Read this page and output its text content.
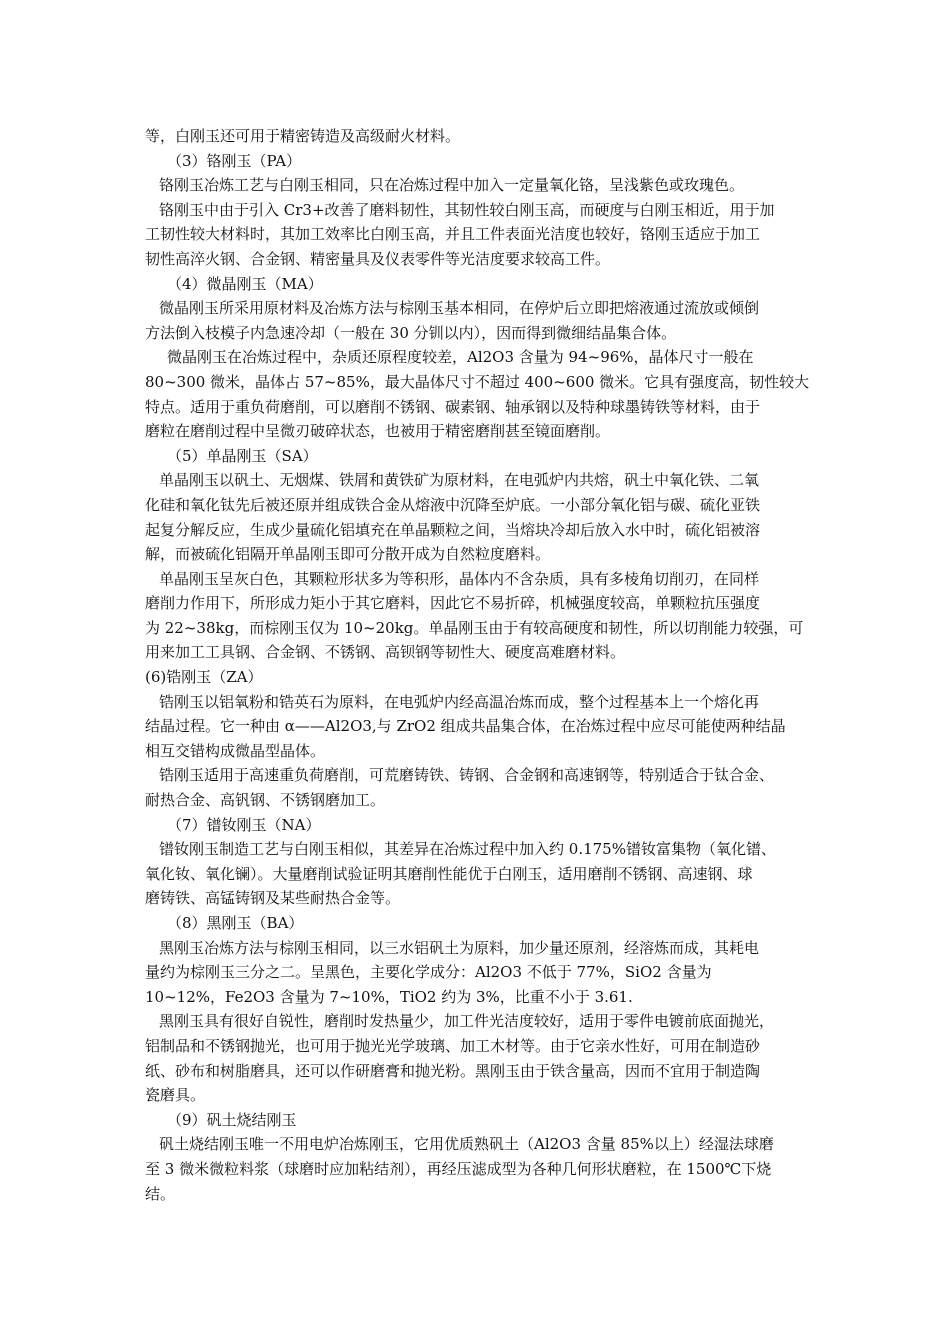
等，白刚玉还可用于精密铸造及高级耐火材料。
（3）铬刚玉（PA）
铬刚玉冶炼工艺与白刚玉相同，只在冶炼过程中加入一定量氧化铬，呈浅紫色或玫瑰色。
铬刚玉中由于引入 Cr3+改善了磨料韧性，其韧性较白刚玉高，而硬度与白刚玉相近，用于加
工韧性较大材料时，其加工效率比白刚玉高，并且工件表面光洁度也较好，铬刚玉适应于加工
韧性高淬火钢、合金钢、精密量具及仪表零件等光洁度要求较高工件。
（4）微晶刚玉（MA）
微晶刚玉所采用原材料及冶炼方法与棕刚玉基本相同，在停炉后立即把熔液通过流放或倾倒
方法倒入枝模子内急速冷却（一般在 30 分钏以内），因而得到微细结晶集合体。
微晶刚玉在冶炼过程中，杂质还原程度较差，Al2O3 含量为 94~96%，晶体尺寸一般在
80~300 微米，晶体占 57~85%，最大晶体尺寸不超过 400~600 微米。它具有强度高，韧性较大
特点。适用于重负荷磨削，可以磨削不锈钢、碳素钢、轴承钢以及特种球墨铸铁等材料，由于
磨粒在磨削过程中呈微刃破碎状态，也被用于精密磨削甚至镜面磨削。
（5）单晶刚玉（SA）
单晶刚玉以矾土、无烟煤、铁屑和黄铁矿为原材料，在电弧炉内共熔，矾土中氧化铁、二氧
化硅和氧化钛先后被还原并组成铁合金从熔液中沉降至炉底。一小部分氧化铝与碳、硫化亚铁
起复分解反应，生成少量硫化铝填充在单晶颗粒之间，当熔块冷却后放入水中时，硫化铝被溶
解，而被硫化铝隔开单晶刚玉即可分散开成为自然粒度磨料。
单晶刚玉呈灰白色，其颗粒形状多为等积形，晶体内不含杂质，具有多棱角切削刃，在同样
磨削力作用下，所形成力矩小于其它磨料，因此它不易折碎，机械强度较高，单颗粒抗压强度
为 22~38kg，而棕刚玉仅为 10~20kg。单晶刚玉由于有较高硬度和韧性，所以切削能力较强，可
用来加工工具钢、合金钢、不锈钢、高钡钢等韧性大、硬度高难磨材料。
(6)锆刚玉（ZA）
锆刚玉以铝氧粉和锆英石为原料，在电弧炉内经高温冶炼而成，整个过程基本上一个熔化再
结晶过程。它一种由 α——Al2O3,与 ZrO2 组成共晶集合体，在冶炼过程中应尽可能使两种结晶
相互交错构成微晶型晶体。
锆刚玉适用于高速重负荷磨削，可荒磨铸铁、铸钢、合金钢和高速钢等，特别适合于钛合金、
耐热合金、高钒钢、不锈钢磨加工。
（7）镨钕刚玉（NA）
镨钕刚玉制造工艺与白刚玉相似，其差异在冶炼过程中加入约 0.175%镨钕富集物（氧化镨、
氧化钕、氧化镧）。大量磨削试验证明其磨削性能优于白刚玉，适用磨削不锈钢、高速钢、球
磨铸铁、高锰铸钢及某些耐热合金等。
（8）黑刚玉（BA）
黑刚玉冶炼方法与棕刚玉相同，以三水铝矾土为原料，加少量还原剂，经溶炼而成，其耗电
量约为棕刚玉三分之二。呈黑色，主要化学成分：Al2O3 不低于 77%，SiO2 含量为
10~12%，Fe2O3 含量为 7~10%，TiO2 约为 3%，比重不小于 3.61.
黑刚玉具有很好自锐性，磨削时发热量少，加工件光洁度较好，适用于零件电镀前底面抛光，
铝制品和不锈钢抛光，也可用于抛光光学玻璃、加工木材等。由于它亲水性好，可用在制造砂
纸、砂布和树脂磨具，还可以作研磨膏和抛光粉。黑刚玉由于铁含量高，因而不宜用于制造陶
瓷磨具。
（9）矾土烧结刚玉
矾土烧结刚玉唯一不用电炉冶炼刚玉，它用优质熟矾土（Al2O3 含量 85%以上）经湿法球磨
至 3 微米微粒料浆（球磨时应加粘结剂），再经压滤成型为各种几何形状磨粒，在 1500℃下烧
结。
